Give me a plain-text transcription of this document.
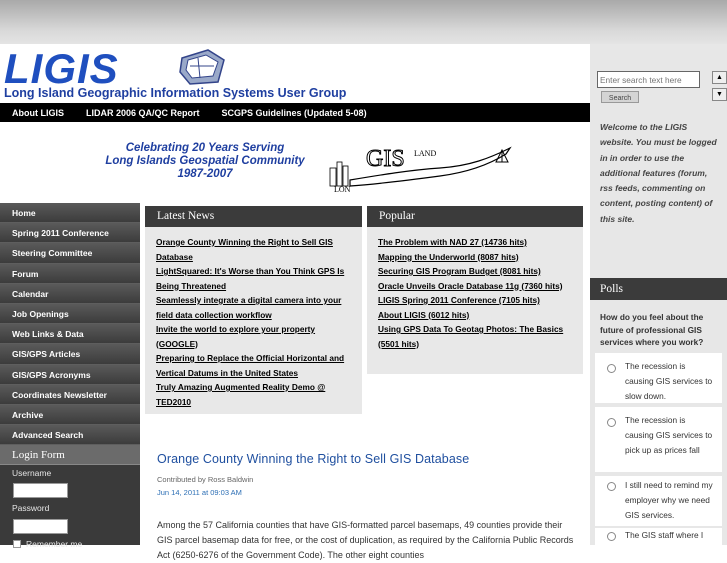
LIGIS
Long Island Geographic Information Systems User Group
About LIGIS LIDAR 2006 QA/QC Report SCGPS Guidelines (Updated 5-08)
Celebrating 20 Years Serving
Long Islands Geospatial Community
1987-2007
GIS
LON
LAND
Home
Spring 2011 Conference
Steering Committee
Forum
Calendar
Job Openings
Web Links & Data
GIS/GPS Articles
GIS/GPS Acronyms
Coordinates Newsletter
Archive
Advanced Search
Login Form
Username
Password
Remember me
Latest News
Orange County Winning the Right to Sell GIS Database
LightSquared: It's Worse than You Think GPS Is Being Threatened
Seamlessly integrate a digital camera into your field data collection workflow
Invite the world to explore your property (GOOGLE)
Preparing to Replace the Official Horizontal and Vertical Datums in the United States
Truly Amazing Augmented Reality Demo @ TED2010
Popular
The Problem with NAD 27 (14736 hits)
Mapping the Underworld (8087 hits)
Securing GIS Program Budget (8081 hits)
Oracle Unveils Oracle Database 11g (7360 hits)
LIGIS Spring 2011 Conference (7105 hits)
About LIGIS (6012 hits)
Using GPS Data To Geotag Photos: The Basics (5501 hits)
Orange County Winning the Right to Sell GIS Database
Contributed by Ross Baldwin
Jun 14, 2011 at 09:03 AM
Among the 57 California counties that have GIS-formatted parcel basemaps, 49 counties provide their GIS parcel basemap data for free, or the cost of duplication, as required by the California Public Records Act (6250-6276 of the Government Code). The other eight counties
Enter search text here
Search
Welcome to the LIGIS website. You must be logged in in order to use the additional features (forum, rss feeds, commenting on content, posting content) of this site.
Polls
How do you feel about the future of professional GIS services where you work?
The recession is causing GIS services to slow down.
The recession is causing GIS services to pick up as prices fall
I still need to remind my employer why we need GIS services.
The GIS staff where I
▲
▼
